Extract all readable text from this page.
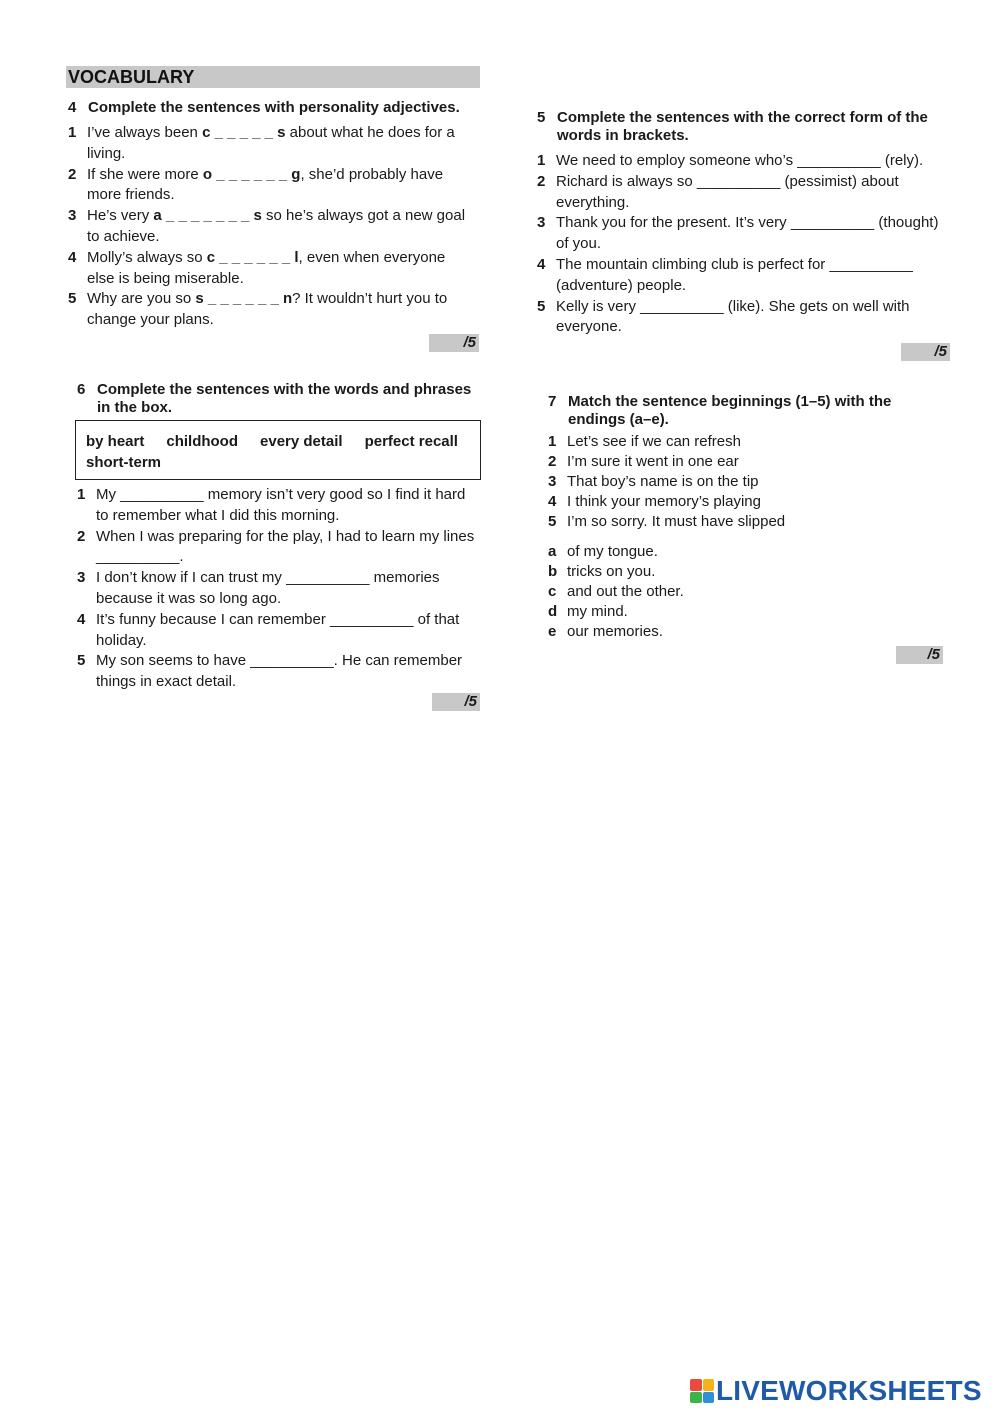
VOCABULARY
4 Complete the sentences with personality adjectives.
1 I’ve always been c _ _ _ _ _ s about what he does for a living.
2 If she were more o _ _ _ _ _ _ g, she’d probably have more friends.
3 He’s very a _ _ _ _ _ _ _ s so he’s always got a new goal to achieve.
4 Molly’s always so c _ _ _ _ _ _ l, even when everyone else is being miserable.
5 Why are you so s _ _ _ _ _ _ n? It wouldn’t hurt you to change your plans.
/5
5 Complete the sentences with the correct form of the words in brackets.
1 We need to employ someone who’s __________ (rely).
2 Richard is always so __________ (pessimist) about everything.
3 Thank you for the present. It’s very __________ (thought) of you.
4 The mountain climbing club is perfect for __________ (adventure) people.
5 Kelly is very __________ (like). She gets on well with everyone.
/5
6 Complete the sentences with the words and phrases in the box.
by heart childhood every detail perfect recall
short-term
1 My __________ memory isn’t very good so I find it hard to remember what I did this morning.
2 When I was preparing for the play, I had to learn my lines __________.
3 I don’t know if I can trust my __________ memories because it was so long ago.
4 It’s funny because I can remember __________ of that holiday.
5 My son seems to have __________. He can remember things in exact detail.
/5
7 Match the sentence beginnings (1–5) with the endings (a–e).
1 Let’s see if we can refresh
2 I’m sure it went in one ear
3 That boy’s name is on the tip
4 I think your memory’s playing
5 I’m so sorry. It must have slipped
a of my tongue.
b tricks on you.
c and out the other.
d my mind.
e our memories.
/5
LIVEWORKSHEETS
